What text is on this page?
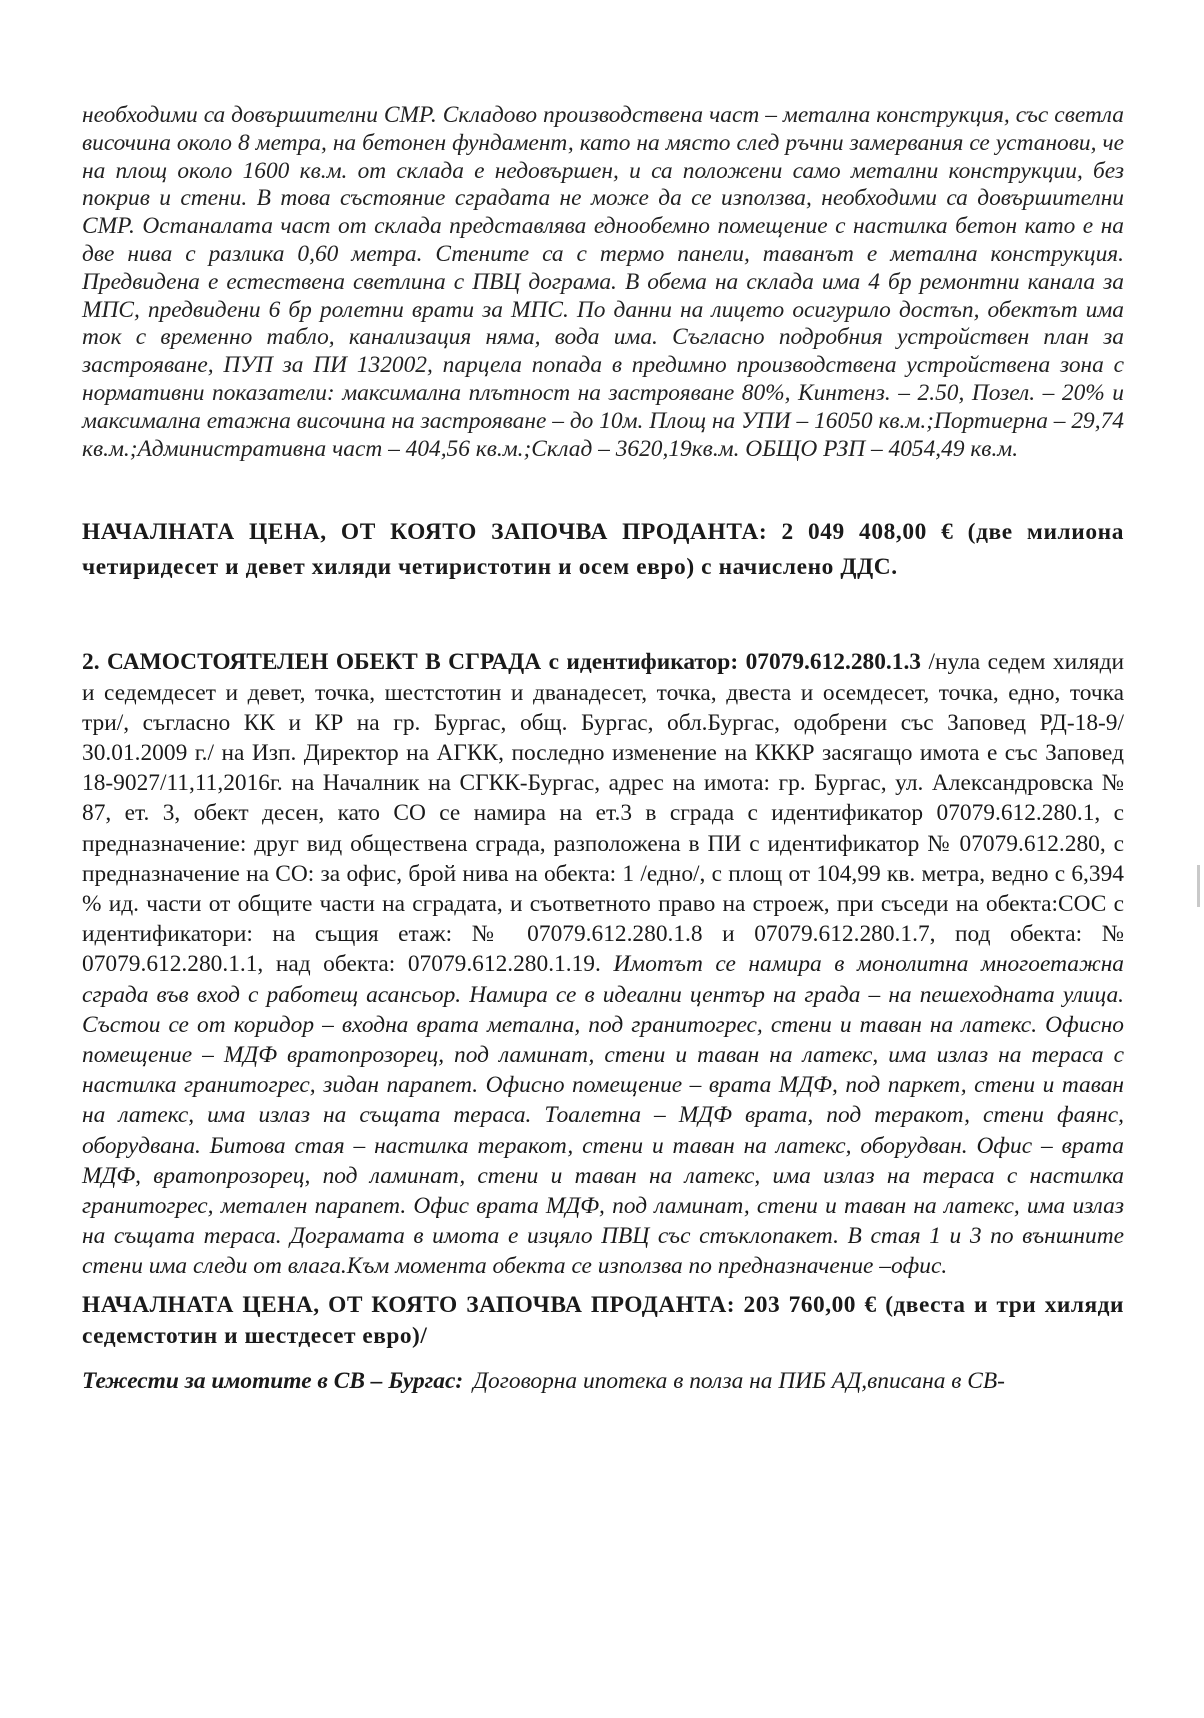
необходими са довършителни СМР. Складово производствена част – метална конструкция, със светла височина около 8 метра, на бетонен фундамент, като на място след ръчни замервания се установи, че на площ около 1600 кв.м. от склада е недовършен, и са положени само метални конструкции, без покрив и стени. В това състояние сградата не може да се използва, необходими са довършителни СМР. Останалата част от склада представлява еднообемно помещение с настилка бетон като е на две нива с разлика 0,60 метра. Стените са с термо панели, таванът е метална конструкция. Предвидена е естествена светлина с ПВЦ дограма. В обема на склада има 4 бр ремонтни канала за МПС, предвидени 6 бр ролетни врати за МПС. По данни на лицето осигурило достъп, обектът има ток с временно табло, канализация няма, вода има. Съгласно подробния устройствен план за застрояване, ПУП за ПИ 132002, парцела попада в предимно производствена устройствена зона с нормативни показатели: максимална плътност на застрояване 80%, Кинтенз. – 2.50, Позел. – 20% и максимална етажна височина на застрояване – до 10м. Площ на УПИ – 16050 кв.м.;Портиерна – 29,74 кв.м.;Административна част – 404,56 кв.м.;Склад – 3620,19кв.м. ОБЩО РЗП – 4054,49 кв.м.

НАЧАЛНАТА ЦЕНА, ОТ КОЯТО ЗАПОЧВА ПРОДАНТА: 2 049 408,00 € (две милиона четиридесет и девет хиляди четиристотин и осем евро) с начислено ДДС.
2. САМОСТОЯТЕЛЕН ОБЕКТ В СГРАДА с идентификатор: 07079.612.280.1.3 /нула седем хиляди и седемдесет и девет, точка, шестстотин и дванадесет, точка, двеста и осемдесет, точка, едно, точка три/, съгласно КК и КР на гр. Бургас, общ. Бургас, обл.Бургас, одобрени със Заповед РД-18-9/ 30.01.2009 г./ на Изп. Директор на АГКК, последно изменение на КККР засягащо имота е със Заповед 18-9027/11,11,2016г. на Началник на СГКК-Бургас, адрес на имота: гр. Бургас, ул. Александровска № 87, ет. 3, обект десен, като СО се намира на ет.3 в сграда с идентификатор 07079.612.280.1, с предназначение: друг вид обществена сграда, разположена в ПИ с идентификатор № 07079.612.280, с предназначение на СО: за офис, брой нива на обекта: 1 /едно/, с площ от 104,99 кв. метра, ведно с 6,394 % ид. части от общите части на сградата, и съответното право на строеж, при съседи на обекта:СОС с идентификатори: на същия етаж: № 07079.612.280.1.8 и 07079.612.280.1.7, под обекта: № 07079.612.280.1.1, над обекта: 07079.612.280.1.19. Имотът се намира в монолитна многоетажна сграда във вход с работещ асансьор. Намира се в идеални център на града – на пешеходната улица. Състои се от коридор – входна врата метална, под гранитогрес, стени и таван на латекс. Офисно помещение – МДФ вратопрозорец, под ламинат, стени и таван на латекс, има излаз на тераса с настилка гранитогрес, зидан парапет. Офисно помещение – врата МДФ, под паркет, стени и таван на латекс, има излаз на същата тераса. Тоалетна – МДФ врата, под теракот, стени фаянс, оборудвана. Битова стая – настилка теракот, стени и таван на латекс, оборудван. Офис – врата МДФ, вратопрозорец, под ламинат, стени и таван на латекс, има излаз на тераса с настилка гранитогрес, метален парапет. Офис врата МДФ, под ламинат, стени и таван на латекс, има излаз на същата тераса. Дограмата в имота е изцяло ПВЦ със стъклопакет. В стая 1 и 3 по външните стени има следи от влага.Към момента обекта се използва по предназначение –офис.
НАЧАЛНАТА ЦЕНА, ОТ КОЯТО ЗАПОЧВА ПРОДАНТА: 203 760,00 € (двеста и три хиляди седемстотин и шестдесет евро)/
Тежести за имотите в СВ – Бургас: Договорна ипотека в полза на ПИБ АД,вписана в СВ-
